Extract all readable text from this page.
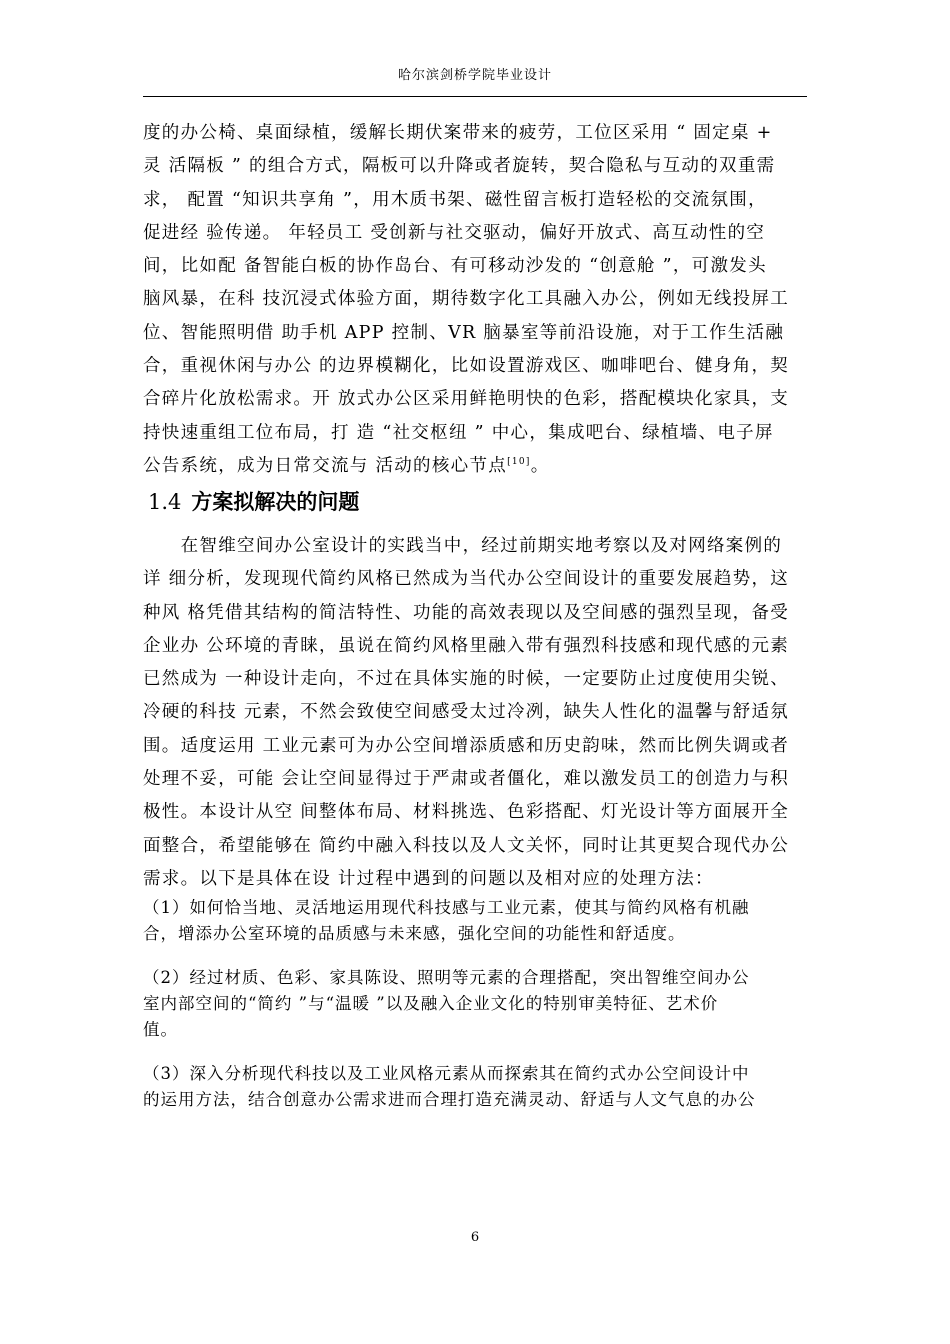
哈尔滨剑桥学院毕业设计

度的办公椅、桌面绿植，缓解长期伏案带来的疲劳，工位区采用 “ 固定桌 +
灵 活隔板 ” 的组合方式，隔板可以升降或者旋转，契合隐私与互动的双重需
求， 配置 “知识共享角 ”，用木质书架、磁性留言板打造轻松的交流氛围，
促进经 验传递。 年轻员工 受创新与社交驱动，偏好开放式、高互动性的空
间，比如配 备智能白板的协作岛台、有可移动沙发的 “创意舱 ”，可激发头
脑风暴，在科 技沉浸式体验方面，期待数字化工具融入办公，例如无线投屏工
位、智能照明借 助手机 APP 控制、VR 脑暴室等前沿设施，对于工作生活融
合，重视休闲与办公 的边界模糊化，比如设置游戏区、咖啡吧台、健身角，契
合碎片化放松需求。开 放式办公区采用鲜艳明快的色彩，搭配模块化家具，支
持快速重组工位布局，打 造 “社交枢纽 ” 中心，集成吧台、绿植墙、电子屏
公告系统，成为日常交流与 活动的核心节点[10]。

1.4 方案拟解决的问题

　　在智维空间办公室设计的实践当中，经过前期实地考察以及对网络案例的
详 细分析，发现现代简约风格已然成为当代办公空间设计的重要发展趋势，这
种风 格凭借其结构的简洁特性、功能的高效表现以及空间感的强烈呈现，备受
企业办 公环境的青睐，虽说在简约风格里融入带有强烈科技感和现代感的元素
已然成为 一种设计走向，不过在具体实施的时候，一定要防止过度使用尖锐、
冷硬的科技 元素，不然会致使空间感受太过冷冽，缺失人性化的温馨与舒适氛
围。适度运用 工业元素可为办公空间增添质感和历史韵味，然而比例失调或者
处理不妥，可能 会让空间显得过于严肃或者僵化，难以激发员工的创造力与积
极性。本设计从空 间整体布局、材料挑选、色彩搭配、灯光设计等方面展开全
面整合，希望能够在 简约中融入科技以及人文关怀，同时让其更契合现代办公
需求。以下是具体在设 计过程中遇到的问题以及相对应的处理方法：

（1）如何恰当地、灵活地运用现代科技感与工业元素，使其与简约风格有机融
合，增添办公室环境的品质感与未来感，强化空间的功能性和舒适度。

（2）经过材质、色彩、家具陈设、照明等元素的合理搭配，突出智维空间办公
室内部空间的“简约 ”与“温暖 ”以及融入企业文化的特别审美特征、艺术价
值。

（3）深入分析现代科技以及工业风格元素从而探索其在简约式办公空间设计中
的运用方法，结合创意办公需求进而合理打造充满灵动、舒适与人文气息的办公

6
